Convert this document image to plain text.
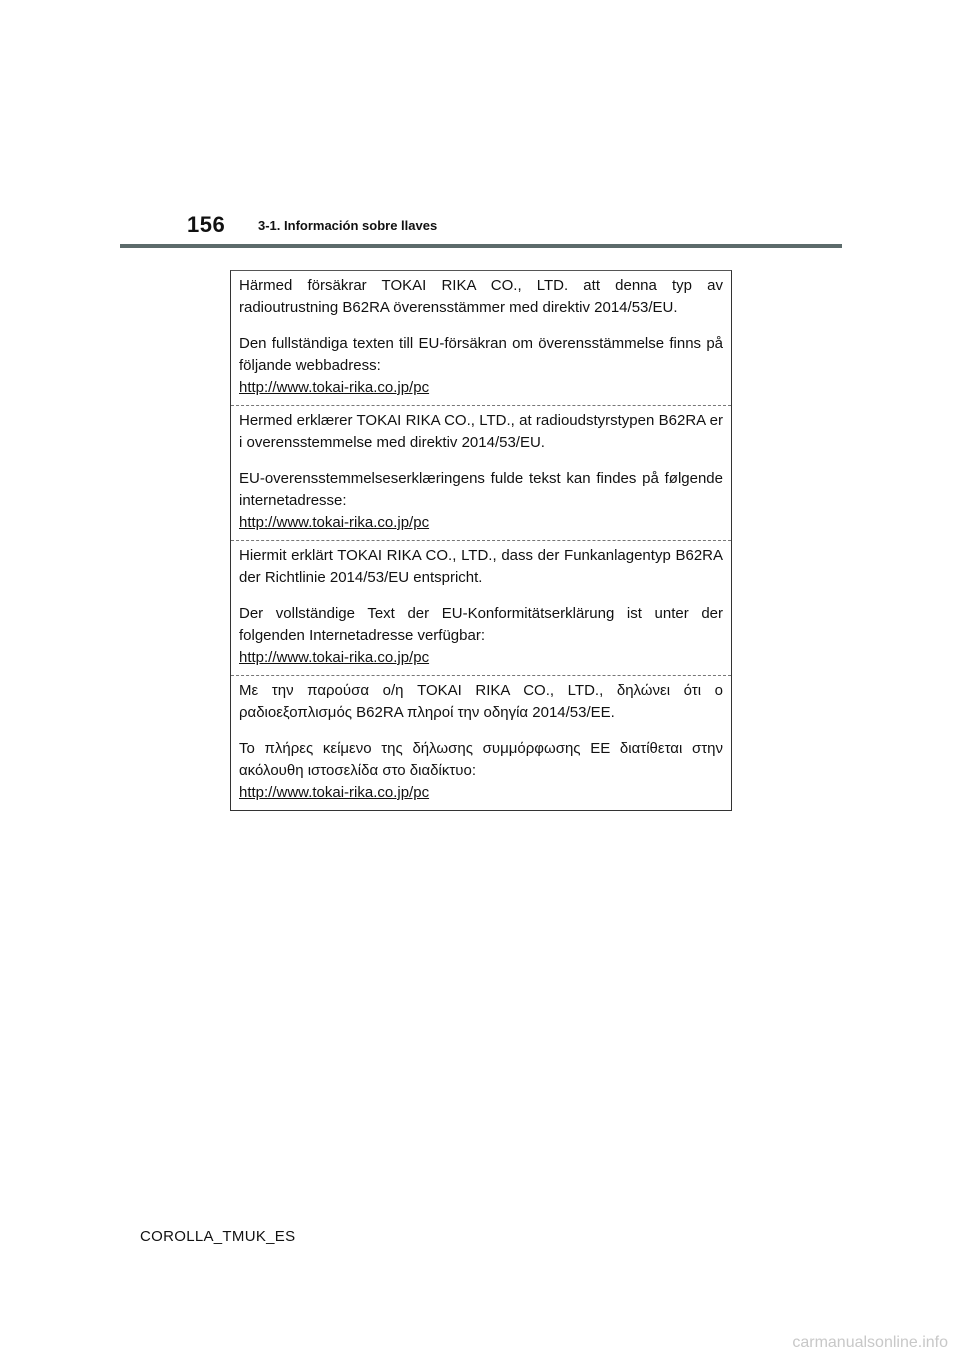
156	3-1. Información sobre llaves

Härmed försäkrar TOKAI RIKA CO., LTD. att denna typ av radioutrustning B62RA överensstämmer med direktiv 2014/53/EU.

Den fullständiga texten till EU-försäkran om överensstämmelse finns på följande webbadress:

http://www.tokai-rika.co.jp/pc

Hermed erklærer TOKAI RIKA CO., LTD., at radioudstyrstypen B62RA er i overensstemmelse med direktiv 2014/53/EU.

EU-overensstemmelseserklæringens fulde tekst kan findes på følgende internetadresse:

http://www.tokai-rika.co.jp/pc

Hiermit erklärt TOKAI RIKA CO., LTD., dass der Funkanlagentyp B62RA der Richtlinie 2014/53/EU entspricht.

Der vollständige Text der EU-Konformitätserklärung ist unter der folgenden Internetadresse verfügbar:

http://www.tokai-rika.co.jp/pc

Με την παρούσα ο/η TOKAI RIKA CO., LTD., δηλώνει ότι ο ραδιοεξοπλισμός B62RA πληροί την οδηγία 2014/53/ΕΕ.

Το πλήρες κείμενο της δήλωσης συμμόρφωσης ΕΕ διατίθεται στην ακόλουθη ιστοσελίδα στο διαδίκτυο:

http://www.tokai-rika.co.jp/pc
COROLLA_TMUK_ES
carmanualsonline.info
